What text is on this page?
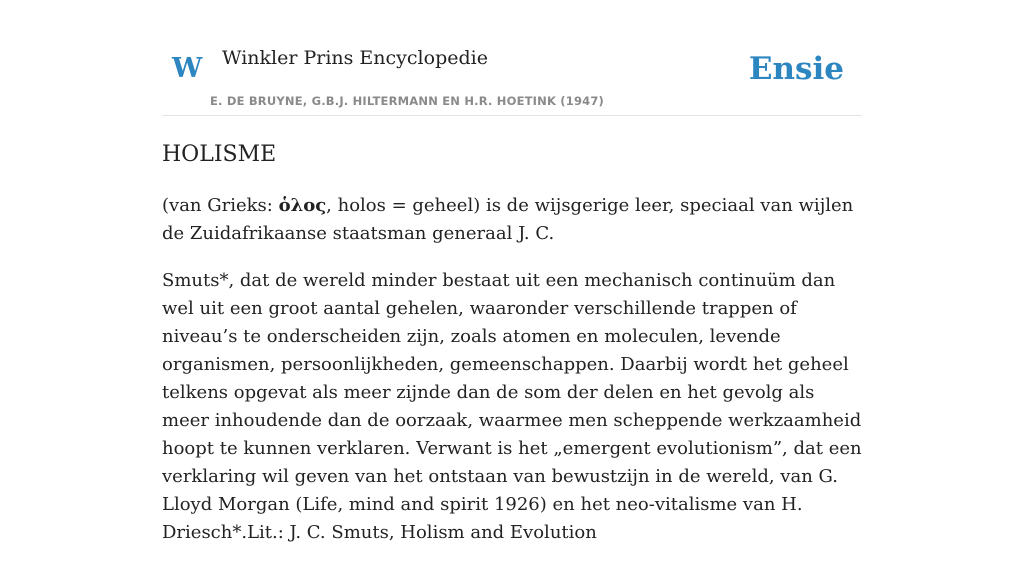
W Winkler Prins Encyclopedie
E. DE BRUYNE, G.B.J. HILTERMANN EN H.R. HOETINK (1947)
Ensie
HOLISME

(van Grieks: ὁλος, holos = geheel) is de wijsgerige leer, speciaal van wijlen de Zuidafrikaanse staatsman generaal J. C.

Smuts*, dat de wereld minder bestaat uit een mechanisch continuüm dan wel uit een groot aantal gehelen, waaronder verschillende trappen of niveau’s te onderscheiden zijn, zoals atomen en moleculen, levende organismen, persoonlijkheden, gemeenschappen. Daarbij wordt het geheel telkens opgevat als meer zijnde dan de som der delen en het gevolg als meer inhoudende dan de oorzaak, waarmee men scheppende werkzaamheid hoopt te kunnen verklaren. Verwant is het „emergent evolutionism”, dat een verklaring wil geven van het ontstaan van bewustzijn in de wereld, van G. Lloyd Morgan (Life, mind and spirit 1926) en het neo-vitalisme van H. Driesch*.Lit.: J. C. Smuts, Holism and Evolution
